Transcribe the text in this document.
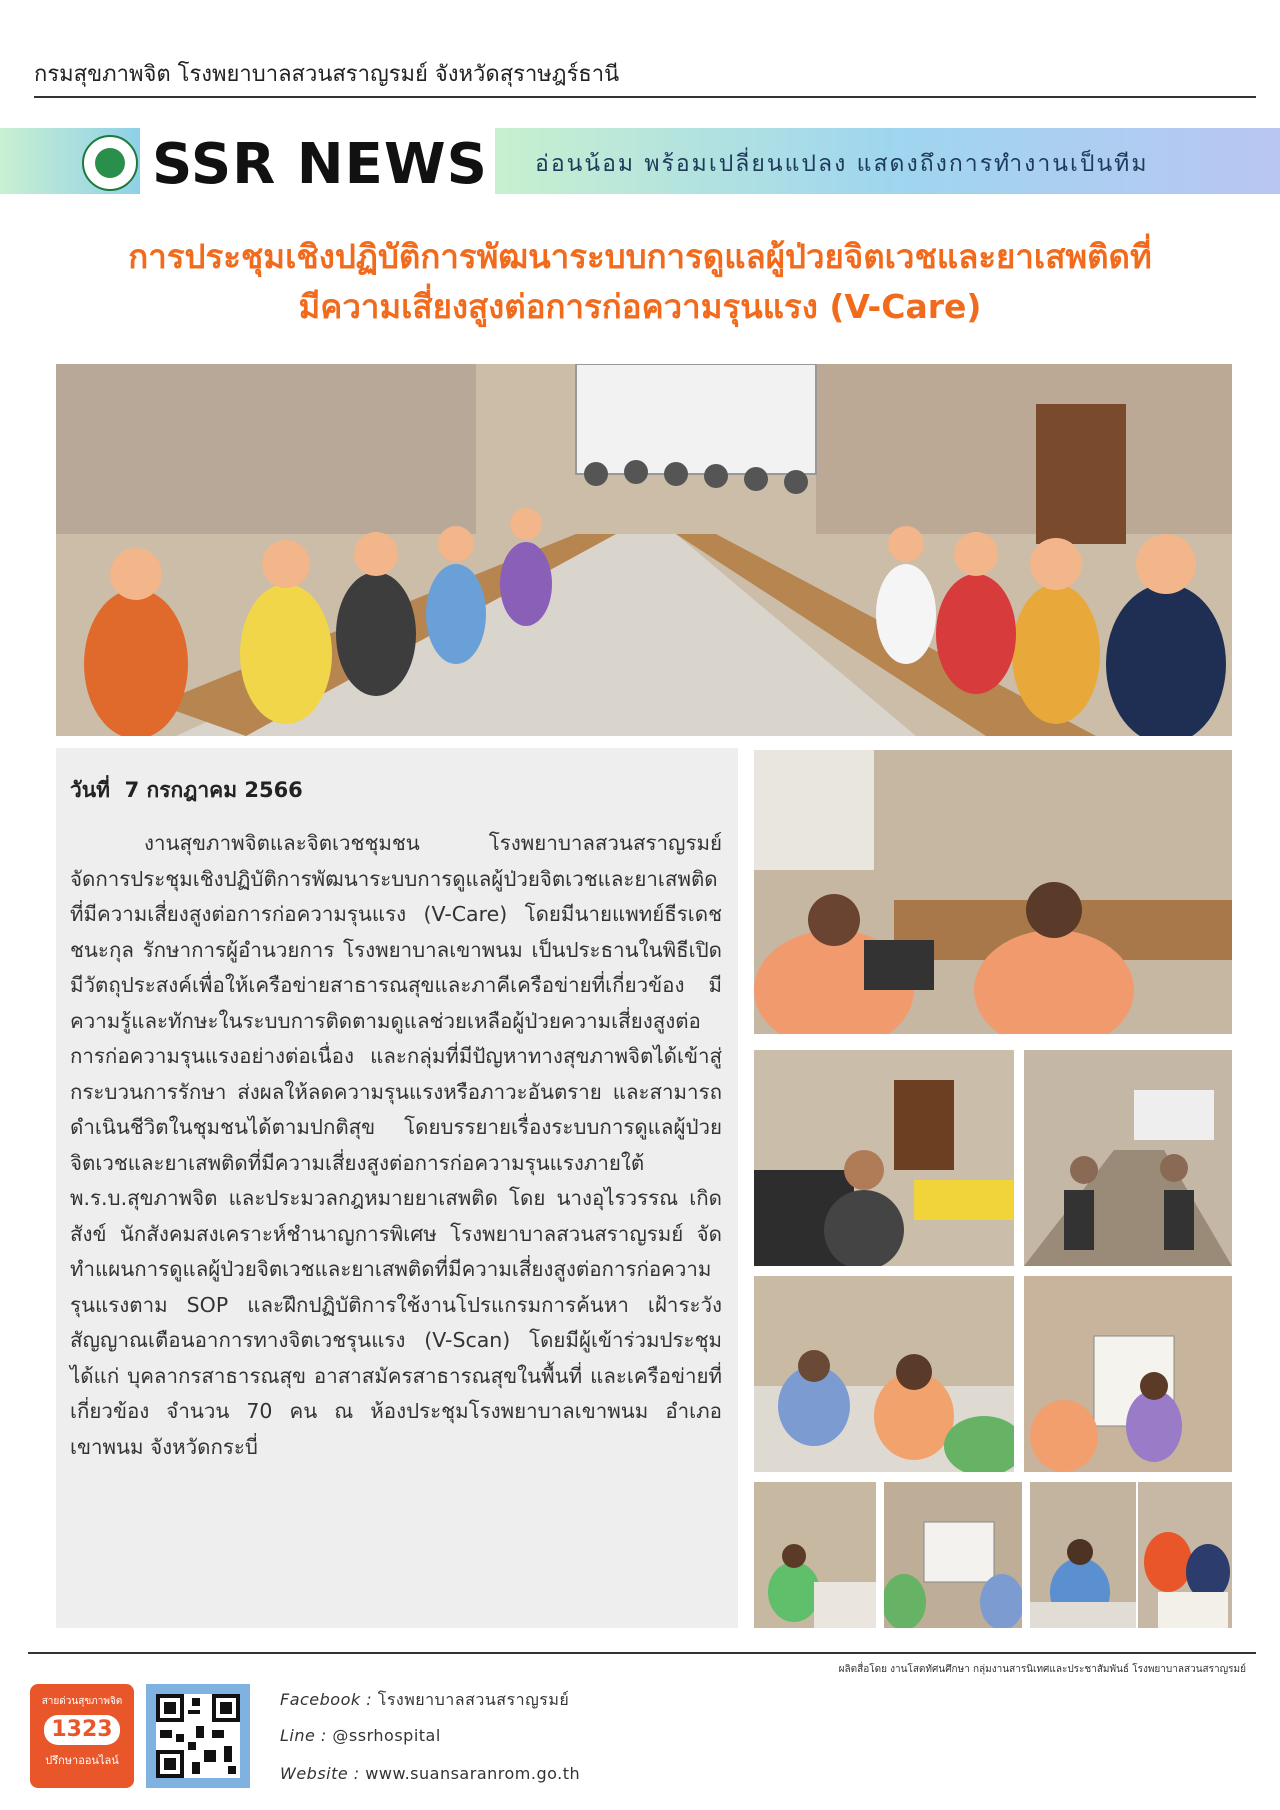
กรมสุขภาพจิต โรงพยาบาลสวนสราญรมย์ จังหวัดสุราษฎร์ธานี
SSR NEWS อ่อนน้อม พร้อมเปลี่ยนแปลง แสดงถึงการทำงานเป็นทีม
การประชุมเชิงปฏิบัติการพัฒนาระบบการดูแลผู้ป่วยจิตเวชและยาเสพติดที่
มีความเสี่ยงสูงต่อการก่อความรุนแรง (V-Care)
วันที่ 7 กรกฎาคม 2566

งานสุขภาพจิตและจิตเวชชุมชน โรงพยาบาลสวนสราญรมย์ จัดการประชุมเชิงปฏิบัติการพัฒนาระบบการดูแลผู้ป่วยจิตเวชและยาเสพติดที่มีความเสี่ยงสูงต่อการก่อความรุนแรง (V-Care) โดยมีนายแพทย์ธีรเดช ชนะกุล รักษาการผู้อำนวยการ โรงพยาบาลเขาพนม เป็นประธานในพิธีเปิด มีวัตถุประสงค์เพื่อให้เครือข่ายสาธารณสุขและภาคีเครือข่ายที่เกี่ยวข้อง มีความรู้และทักษะในระบบการติดตามดูแลช่วยเหลือผู้ป่วยความเสี่ยงสูงต่อการก่อความรุนแรงอย่างต่อเนื่อง และกลุ่มที่มีปัญหาทางสุขภาพจิตได้เข้าสู่กระบวนการรักษา ส่งผลให้ลดความรุนแรงหรือภาวะอันตราย และสามารถดำเนินชีวิตในชุมชนได้ตามปกติสุข โดยบรรยายเรื่องระบบการดูแลผู้ป่วยจิตเวชและยาเสพติดที่มีความเสี่ยงสูงต่อการก่อความรุนแรงภายใต้ พ.ร.บ.สุขภาพจิต และประมวลกฎหมายยาเสพติด โดย นางอุไรวรรณ เกิดสังข์ นักสังคมสงเคราะห์ชำนาญการพิเศษ โรงพยาบาลสวนสราญรมย์ จัดทำแผนการดูแลผู้ป่วยจิตเวชและยาเสพติดที่มีความเสี่ยงสูงต่อการก่อความรุนแรงตาม SOP และฝึกปฏิบัติการใช้งานโปรแกรมการค้นหา เฝ้าระวังสัญญาณเตือนอาการทางจิตเวชรุนแรง (V-Scan) โดยมีผู้เข้าร่วมประชุม ได้แก่ บุคลากรสาธารณสุข อาสาสมัครสาธารณสุขในพื้นที่ และเครือข่ายที่เกี่ยวข้อง จำนวน 70 คน ณ ห้องประชุมโรงพยาบาลเขาพนม อำเภอเขาพนม จังหวัดกระบี่

ผลิตสื่อโดย งานโสตทัศนศึกษา กลุ่มงานสารนิเทศและประชาสัมพันธ์ โรงพยาบาลสวนสราญรมย์
สายด่วนสุขภาพจิต
1323
ปรึกษาออนไลน์
Facebook : โรงพยาบาลสวนสราญรมย์
Line : @ssrhospital
Website : www.suansaranrom.go.th
